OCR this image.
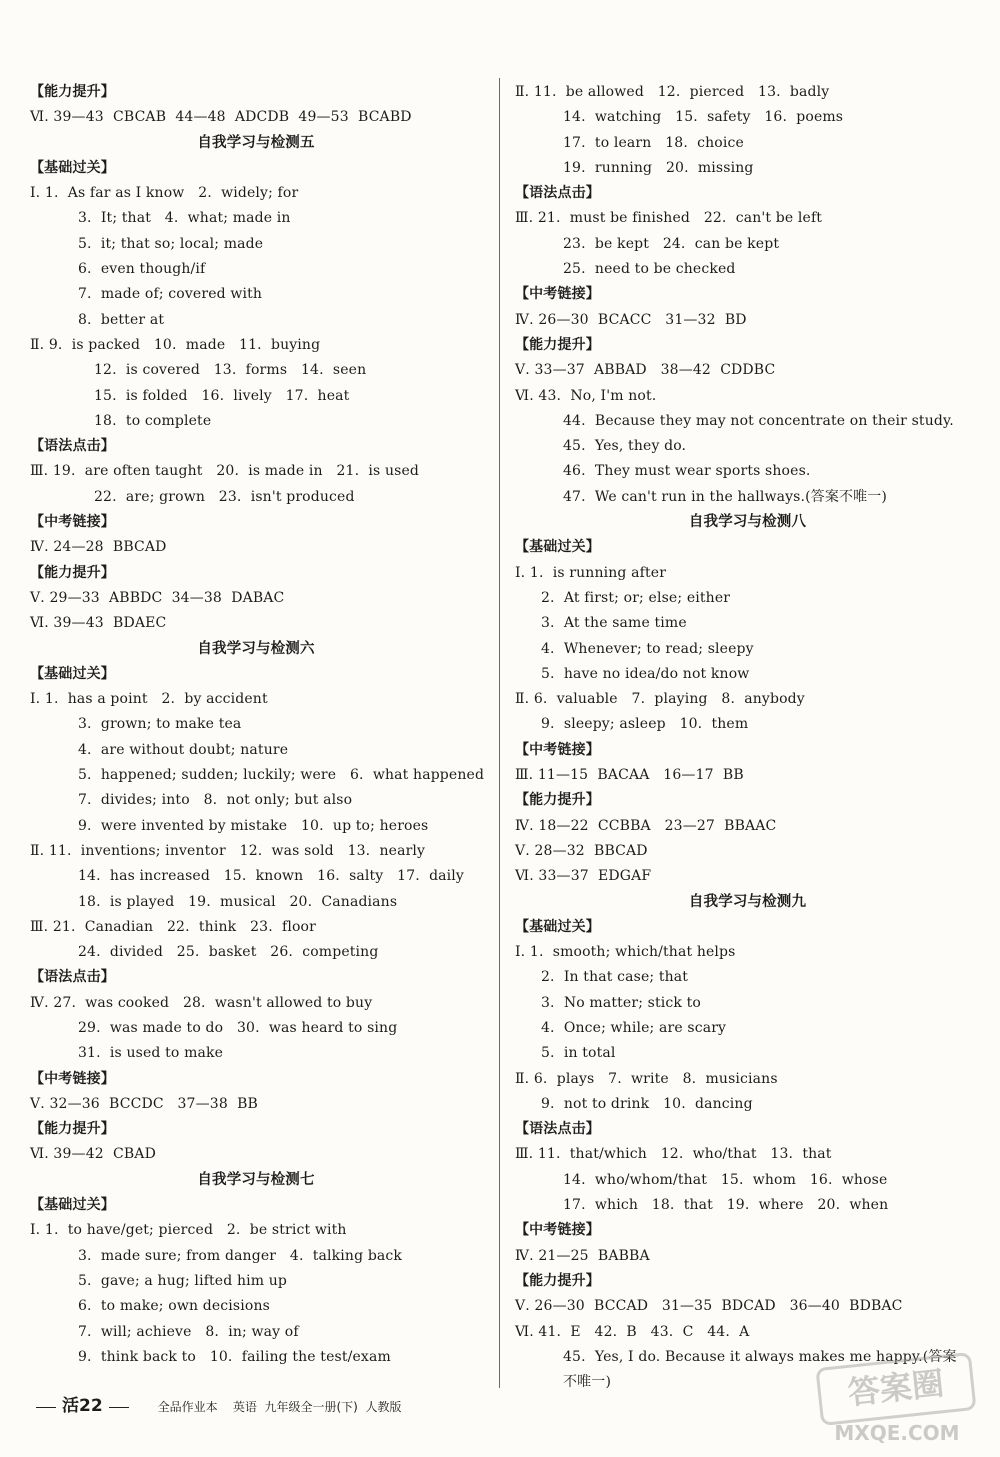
【能力提升】
Ⅵ. 39—43  CBCAB  44—48  ADCDB  49—53  BCABD
自我学习与检测五
【基础过关】
Ⅰ. 1.  As far as I know   2.  widely; for
3.  It; that   4.  what; made in
5.  it; that so; local; made
6.  even though/if
7.  made of; covered with
8.  better at
Ⅱ. 9.  is packed   10.  made   11.  buying
12.  is covered   13.  forms   14.  seen
15.  is folded   16.  lively   17.  heat
18.  to complete
【语法点击】
Ⅲ. 19.  are often taught   20.  is made in   21.  is used
22.  are; grown   23.  isn't produced
【中考链接】
Ⅳ. 24—28  BBCAD
【能力提升】
Ⅴ. 29—33  ABBDC  34—38  DABAC
Ⅵ. 39—43  BDAEC
自我学习与检测六
【基础过关】
Ⅰ. 1.  has a point   2.  by accident
3.  grown; to make tea
4.  are without doubt; nature
5.  happened; sudden; luckily; were   6.  what happened
7.  divides; into   8.  not only; but also
9.  were invented by mistake   10.  up to; heroes
Ⅱ. 11.  inventions; inventor   12.  was sold   13.  nearly
14.  has increased   15.  known   16.  salty   17.  daily
18.  is played   19.  musical   20.  Canadians
Ⅲ. 21.  Canadian   22.  think   23.  floor
24.  divided   25.  basket   26.  competing
【语法点击】
Ⅳ. 27.  was cooked   28.  wasn't allowed to buy
29.  was made to do   30.  was heard to sing
31.  is used to make
【中考链接】
Ⅴ. 32—36  BCCDC   37—38  BB
【能力提升】
Ⅵ. 39—42  CBAD
自我学习与检测七
【基础过关】
Ⅰ. 1.  to have/get; pierced   2.  be strict with
3.  made sure; from danger   4.  talking back
5.  gave; a hug; lifted him up
6.  to make; own decisions
7.  will; achieve   8.  in; way of
9.  think back to   10.  failing the test/exam
Ⅱ. 11.  be allowed   12.  pierced   13.  badly
14.  watching   15.  safety   16.  poems
17.  to learn   18.  choice
19.  running   20.  missing
【语法点击】
Ⅲ. 21.  must be finished   22.  can't be left
23.  be kept   24.  can be kept
25.  need to be checked
【中考链接】
Ⅳ. 26—30  BCACC   31—32  BD
【能力提升】
Ⅴ. 33—37  ABBAD   38—42  CDDBC
Ⅵ. 43.  No, I'm not.
44.  Because they may not concentrate on their study.
45.  Yes, they do.
46.  They must wear sports shoes.
47.  We can't run in the hallways.(答案不唯一)
自我学习与检测八
【基础过关】
Ⅰ. 1.  is running after
2.  At first; or; else; either
3.  At the same time
4.  Whenever; to read; sleepy
5.  have no idea/do not know
Ⅱ. 6.  valuable   7.  playing   8.  anybody
9.  sleepy; asleep   10.  them
【中考链接】
Ⅲ. 11—15  BACAA   16—17  BB
【能力提升】
Ⅳ. 18—22  CCBBA   23—27  BBAAC
Ⅴ. 28—32  BBCAD
Ⅵ. 33—37  EDGAF
自我学习与检测九
【基础过关】
Ⅰ. 1.  smooth; which/that helps
2.  In that case; that
3.  No matter; stick to
4.  Once; while; are scary
5.  in total
Ⅱ. 6.  plays   7.  write   8.  musicians
9.  not to drink   10.  dancing
【语法点击】
Ⅲ. 11.  that/which   12.  who/that   13.  that
14.  who/whom/that   15.  whom   16.  whose
17.  which   18.  that   19.  where   20.  when
【中考链接】
Ⅳ. 21—25  BABBA
【能力提升】
Ⅴ. 26—30  BCCAD   31—35  BDCAD   36—40  BDBAC
Ⅵ. 41.  E   42.  B   43.  C   44.  A
45.  Yes, I do. Because it always makes me happy.(答案
不唯一)
活22	全品作业本 英语 九年级全一册(下) 人教版	答案圈
MXQE.COM
